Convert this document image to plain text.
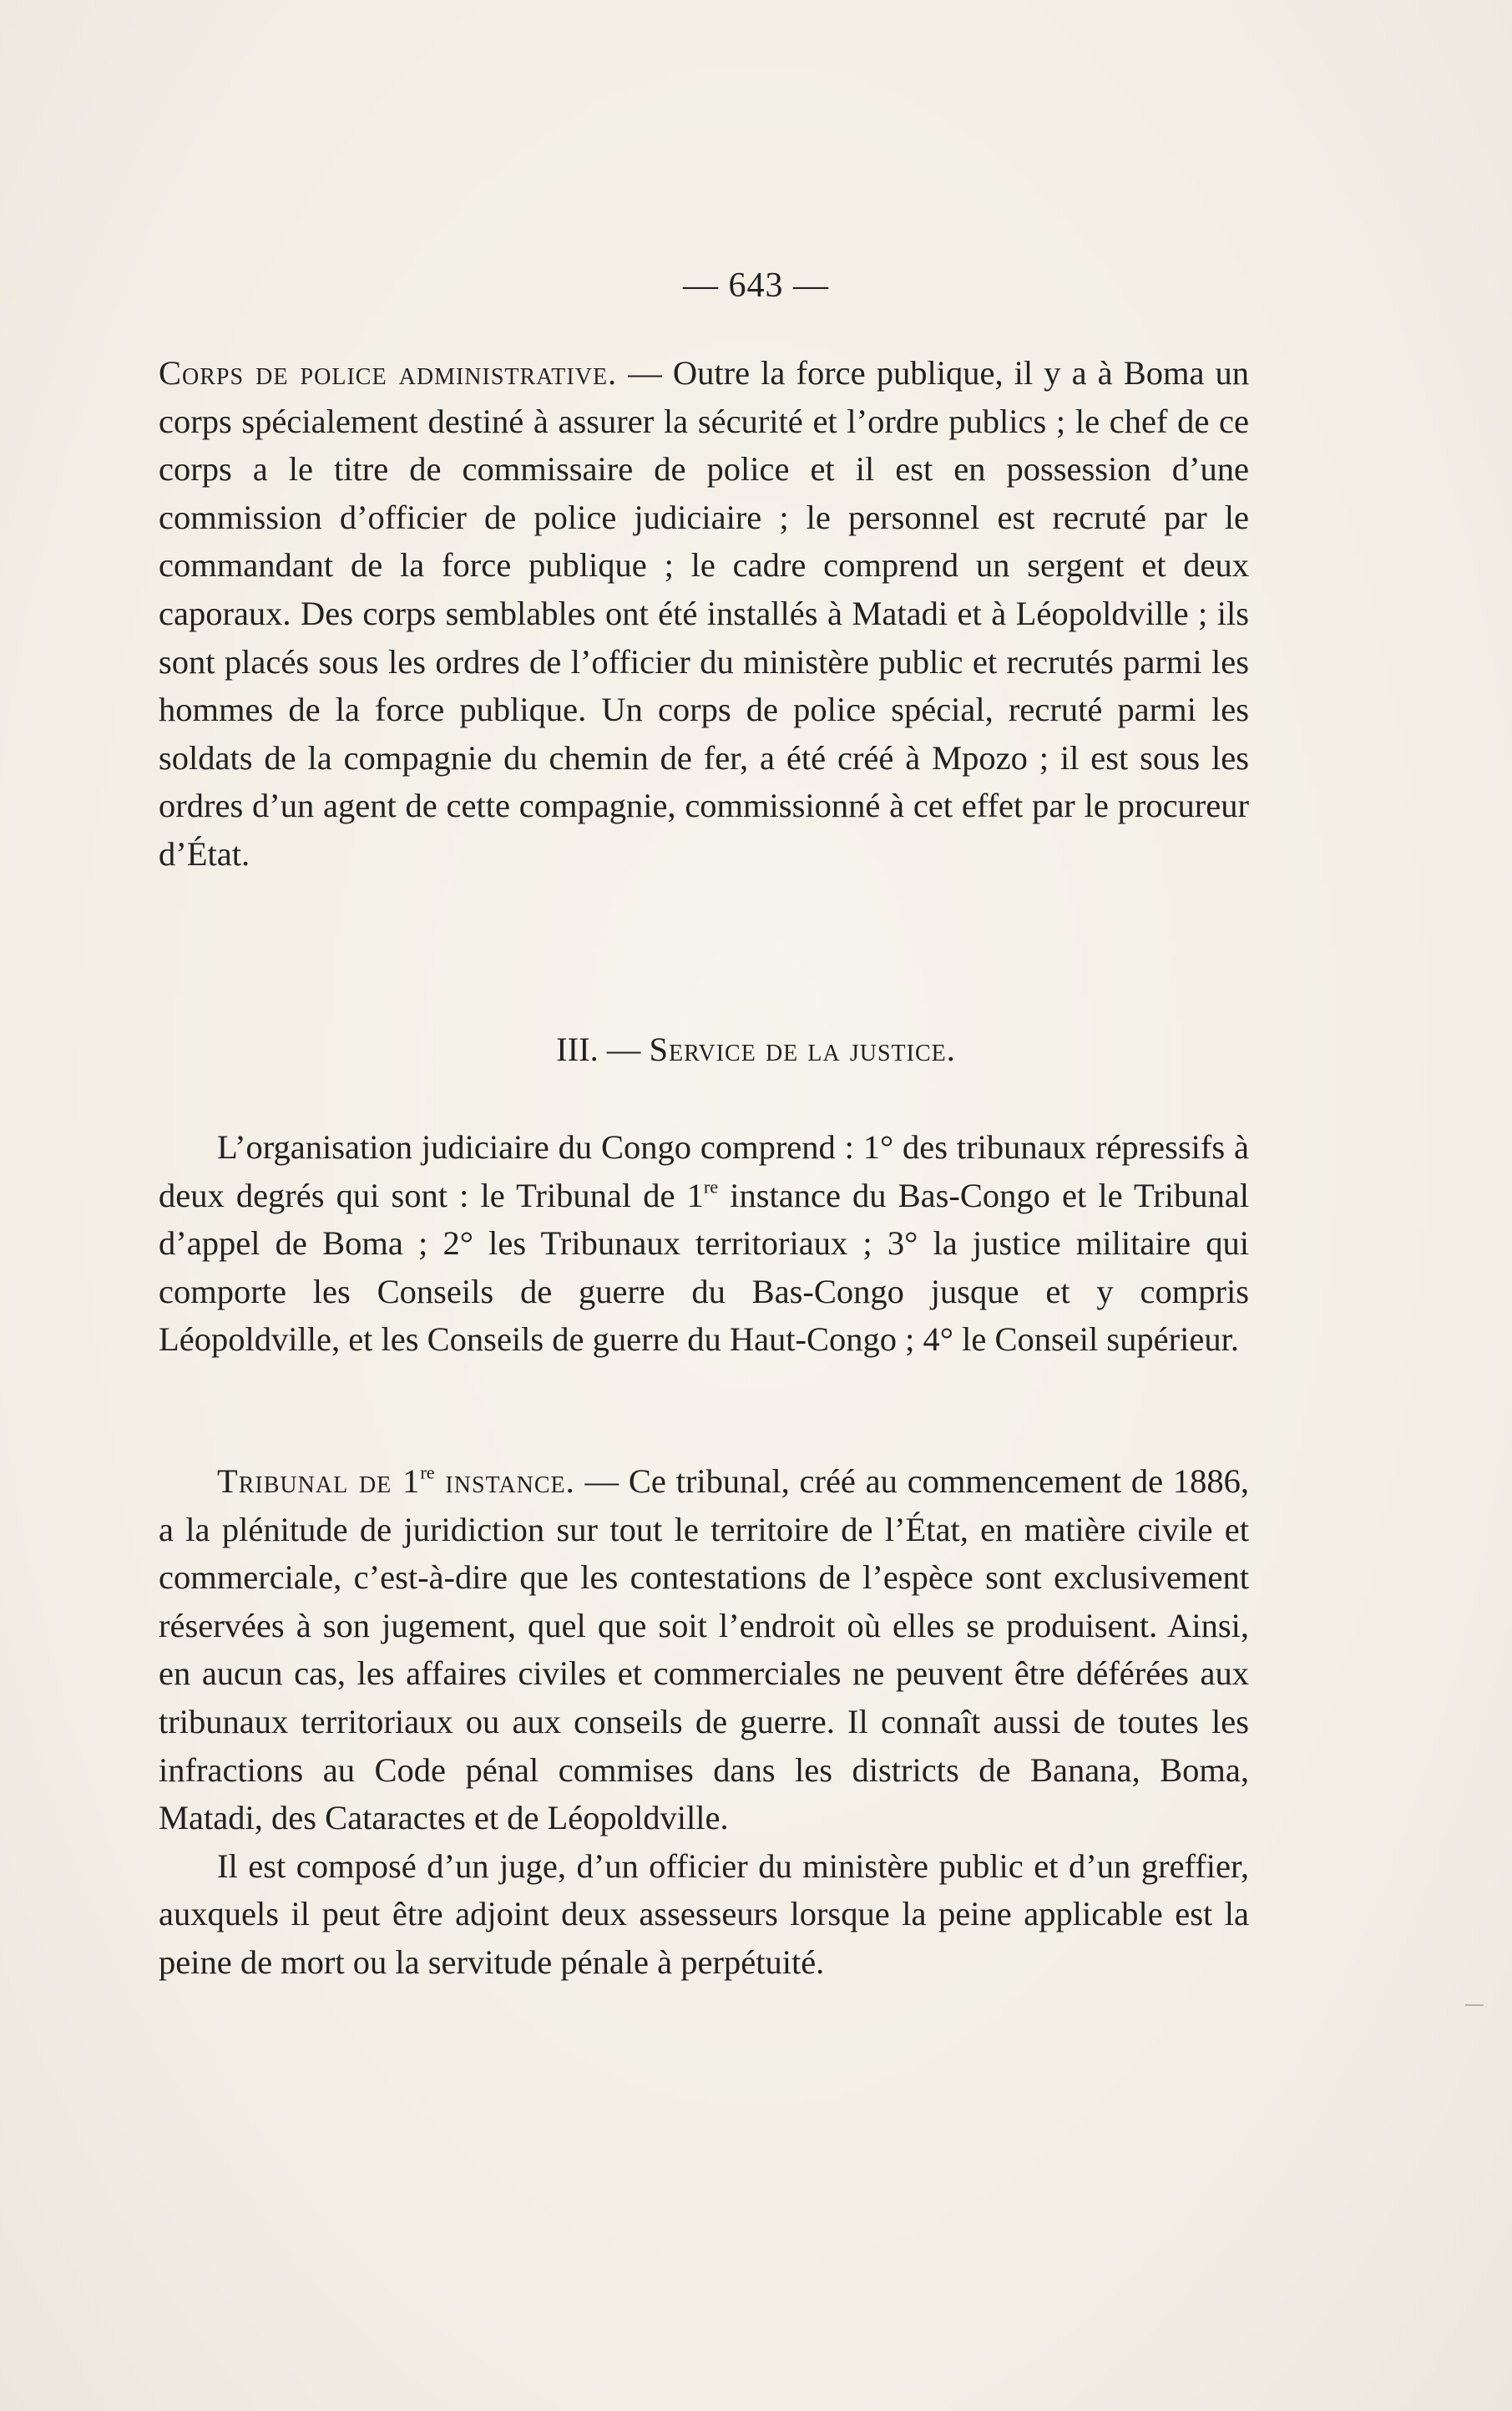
— 643 —

Corps de police administrative. — Outre la force publique, il y a à Boma un corps spécialement destiné à assurer la sécurité et l’ordre publics ; le chef de ce corps a le titre de commissaire de police et il est en possession d’une commission d’officier de police judiciaire ; le personnel est recruté par le commandant de la force publique ; le cadre comprend un sergent et deux caporaux. Des corps semblables ont été installés à Matadi et à Léopoldville ; ils sont placés sous les ordres de l’officier du ministère public et recrutés parmi les hommes de la force publique. Un corps de police spécial, recruté parmi les soldats de la compagnie du chemin de fer, a été créé à Mpozo ; il est sous les ordres d’un agent de cette compagnie, commissionné à cet effet par le procureur d’État.

III. — Service de la justice.

L’organisation judiciaire du Congo comprend : 1° des tribunaux répressifs à deux degrés qui sont : le Tribunal de 1re instance du Bas-Congo et le Tribunal d’appel de Boma ; 2° les Tribunaux territoriaux ; 3° la justice militaire qui comporte les Conseils de guerre du Bas-Congo jusque et y compris Léopoldville, et les Conseils de guerre du Haut-Congo ; 4° le Conseil supérieur.

Tribunal de 1re instance. — Ce tribunal, créé au commencement de 1886, a la plénitude de juridiction sur tout le territoire de l’État, en matière civile et commerciale, c’est-à-dire que les contestations de l’espèce sont exclusivement réservées à son jugement, quel que soit l’endroit où elles se produisent. Ainsi, en aucun cas, les affaires civiles et commerciales ne peuvent être déférées aux tribunaux territoriaux ou aux conseils de guerre. Il connaît aussi de toutes les infractions au Code pénal commises dans les districts de Banana, Boma, Matadi, des Cataractes et de Léopoldville.

Il est composé d’un juge, d’un officier du ministère public et d’un greffier, auxquels il peut être adjoint deux assesseurs lorsque la peine applicable est la peine de mort ou la servitude pénale à perpétuité.
